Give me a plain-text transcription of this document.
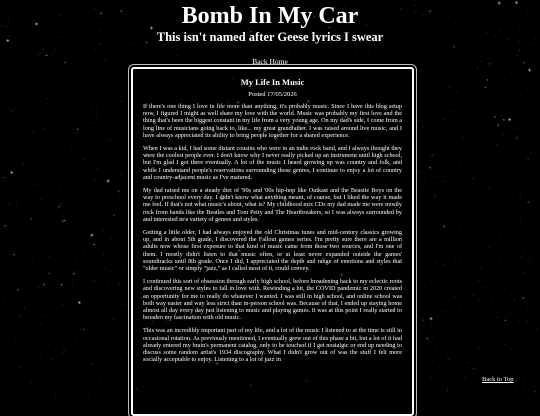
Bomb In My Car
This isn't named after Geese lyrics I swear
Back Home
My Life In Music
Posted 17/05/2026

If there's one thing I love in life more than anything, it's probably music. Since I have this blog setup now, I figured I might as well share my love with the world. Music was probably my first love and the thing that's been the biggest constant in my life from a very young age. On my dad's side, I come from a long line of musicians going back to, like... my great grandfather. I was raised around live music, and I have always appreciated its ability to bring people together for a shared experience.

When I was a kid, I had some distant cousins who were in an indie rock band, and I always thought they were the coolest people ever. I don't know why I never really picked up an instrument until high school, but I'm glad I got there eventually. A lot of the music I heard growing up was country and folk, and while I understand people's reservations surrounding those genres, I continue to enjoy a lot of country and country-adjacent music as I've matured.

My dad raised me on a steady diet of '90s and '00s hip-hop like Outkast and the Beastie Boys on the way to preschool every day. I didn't know what anything meant, of course, but I liked the way it made me feel. If that's not what music's about, what is? My childhood mix CDs my dad made me were mostly rock from bands like the Beatles and Tom Petty and The Heartbreakers, so I was always surrounded by and interested in a variety of genres and styles.

Getting a little older, I had always enjoyed the old Christmas tunes and mid-century classics growing up, and in about 5th grade, I discovered the Fallout games series. I'm pretty sure there are a million adults now whose first exposure to that kind of music came from those two sources, and I'm one of them. I mostly didn't listen to that music often, or at least never expanded outside the games' soundtracks until 8th grade. Once I did, I appreciated the depth and range of emotions and styles that "older music" or simply "jazz," as I called most of it, could convey.

I continued this sort of obsession through early high school, before broadening back to my eclectic roots and discovering new styles to fall in love with. Rewinding a bit, the COVID pandemic in 2020 created an opportunity for me to really do whatever I wanted. I was still in high school, and online school was both way easier and way less strict than in-person school was. Because of that, I ended up staying home almost all day every day just listening to music and playing games. It was at this point I really started to broaden my fascination with old music.

This was an incredibly important part of my life, and a lot of the music I listened to at the time is still in occasional rotation. As previously mentioned, I eventually grew out of this phase a bit, but a lot of it had already entered my brain's permanent catalog, only to be touched if I get nostalgic or end up needing to discuss some random artist's 1934 discography. What I didn't grow out of was the stuff I felt more socially acceptable to enjoy. Listening to a lot of jazz in

Back to Top
